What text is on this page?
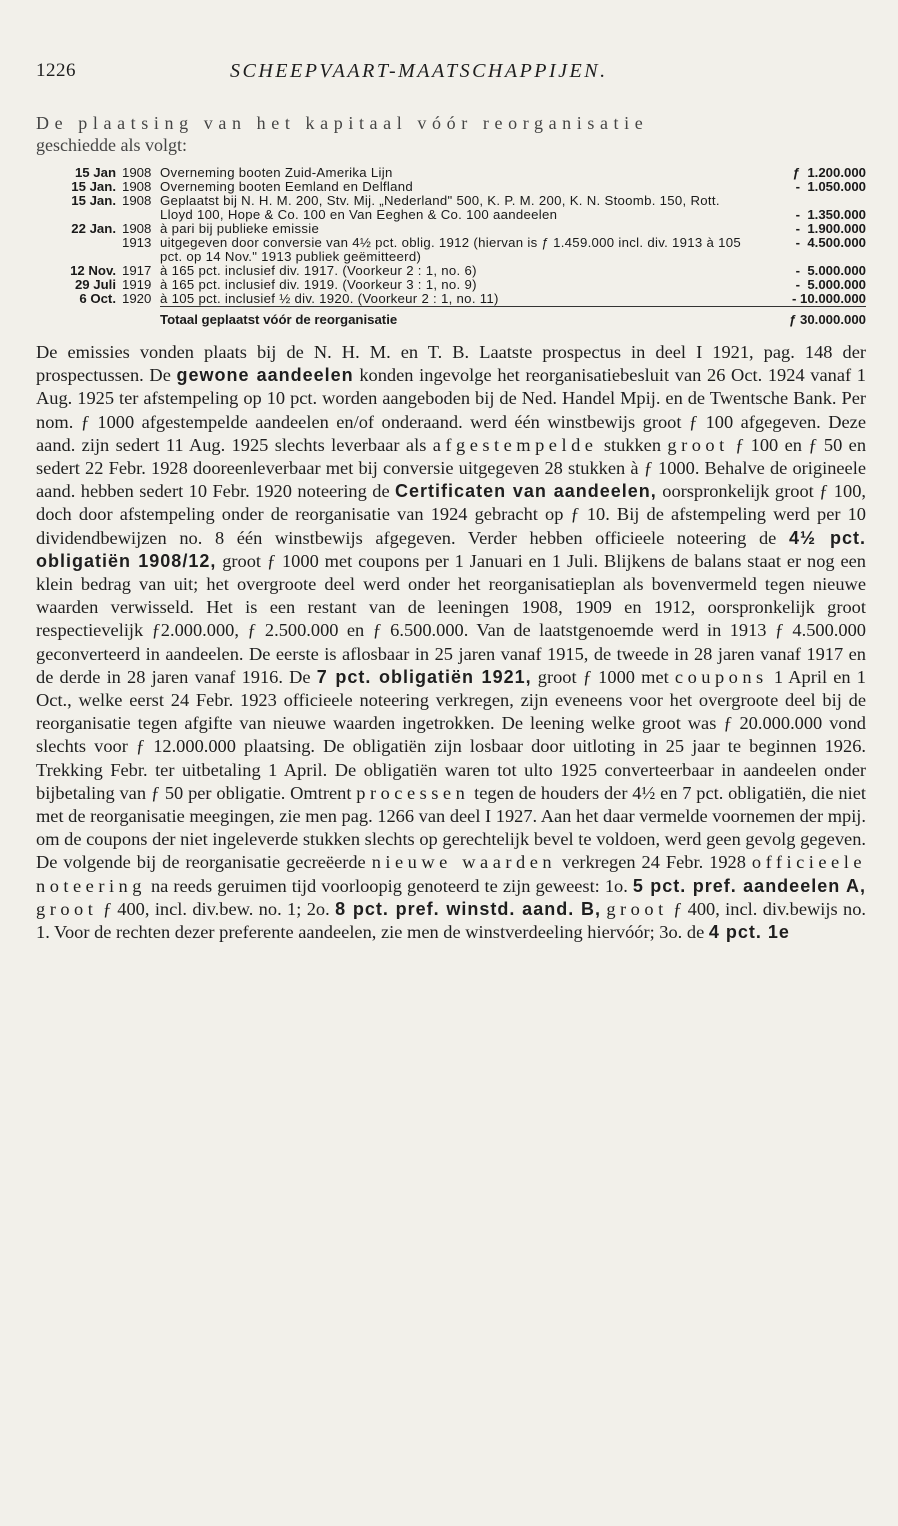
1226	SCHEEPVAART-MAATSCHAPPIJEN.
De plaatsing van het kapitaal vóór reorganisatie
geschiedde als volgt:
15 Jan	1908	Overneming booten Zuid-Amerika Lijn	ƒ  1.200.000
15 Jan.	1908	Overneming booten Eemland en Delfland	-  1.050.000
15 Jan.	1908	Geplaatst bij N. H. M. 200, Stv. Mij. „Nederland" 500, K. P. M. 200, K. N. Stoomb. 150, Rott. Lloyd 100, Hope & Co. 100 en Van Eeghen & Co. 100 aandeelen	-  1.350.000
22 Jan.	1908	à pari bij publieke emissie	-  1.900.000
	1913	uitgegeven door conversie van 4½ pct. oblig. 1912 (hiervan is ƒ 1.459.000 incl. div. 1913 à 105 pct. op 14 Nov." 1913 publiek geëmitteerd)	-  4.500.000
12 Nov.	1917	à 165 pct. inclusief div. 1917. (Voorkeur 2 : 1, no. 6)	-  5.000.000
29 Juli	1919	à 165 pct. inclusief div. 1919. (Voorkeur 3 : 1, no. 9)	-  5.000.000
6 Oct.	1920	à 105 pct. inclusief ½ div. 1920. (Voorkeur 2 : 1, no. 11)	- 10.000.000
		Totaal geplaatst vóór de reorganisatie	ƒ 30.000.000

De emissies vonden plaats bij de N. H. M. en T. B. Laatste prospectus in deel I 1921, pag. 148 der prospectussen. De gewone aandeelen konden ingevolge het reorganisatiebesluit van 26 Oct. 1924 vanaf 1 Aug. 1925 ter afstempeling op 10 pct. worden aangeboden bij de Ned. Handel Mpij. en de Twentsche Bank. Per nom. ƒ 1000 afgestempelde aandeelen en/of onderaand. werd één winstbewijs groot ƒ 100 afgegeven. Deze aand. zijn sedert 11 Aug. 1925 slechts leverbaar als afgestempelde stukken groot ƒ 100 en ƒ 50 en sedert 22 Febr. 1928 dooreenleverbaar met bij conversie uitgegeven 28 stukken à ƒ 1000. Behalve de origineele aand. hebben sedert 10 Febr. 1920 noteering de Certificaten van aandeelen, oorspronkelijk groot ƒ 100, doch door afstempeling onder de reorganisatie van 1924 gebracht op ƒ 10. Bij de afstempeling werd per 10 dividendbewijzen no. 8 één winstbewijs afgegeven. Verder hebben officieele noteering de 4½ pct. obligatiën 1908/12, groot ƒ 1000 met coupons per 1 Januari en 1 Juli. Blijkens de balans staat er nog een klein bedrag van uit; het overgroote deel werd onder het reorganisatieplan als bovenvermeld tegen nieuwe waarden verwisseld. Het is een restant van de leeningen 1908, 1909 en 1912, oorspronkelijk groot respectievelijk ƒ2.000.000, ƒ 2.500.000 en ƒ 6.500.000. Van de laatstgenoemde werd in 1913 ƒ 4.500.000 geconverteerd in aandeelen. De eerste is aflosbaar in 25 jaren vanaf 1915, de tweede in 28 jaren vanaf 1917 en de derde in 28 jaren vanaf 1916. De 7 pct. obligatiën 1921, groot ƒ 1000 met coupons 1 April en 1 Oct., welke eerst 24 Febr. 1923 officieele noteering verkregen, zijn eveneens voor het overgroote deel bij de reorganisatie tegen afgifte van nieuwe waarden ingetrokken. De leening welke groot was ƒ 20.000.000 vond slechts voor ƒ 12.000.000 plaatsing. De obligatiën zijn losbaar door uitloting in 25 jaar te beginnen 1926. Trekking Febr. ter uitbetaling 1 April. De obligatiën waren tot ulto 1925 converteerbaar in aandeelen onder bijbetaling van ƒ 50 per obligatie. Omtrent processen tegen de houders der 4½ en 7 pct. obligatiën, die niet met de reorganisatie meegingen, zie men pag. 1266 van deel I 1927. Aan het daar vermelde voornemen der mpij. om de coupons der niet ingeleverde stukken slechts op gerechtelijk bevel te voldoen, werd geen gevolg gegeven. De volgende bij de reorganisatie gecreëerde nieuwe waarden verkregen 24 Febr. 1928 officieele noteering na reeds geruimen tijd voorloopig genoteerd te zijn geweest: 1o. 5 pct. pref. aandeelen A, groot ƒ 400, incl. div.bew. no. 1; 2o. 8 pct. pref. winstd. aand. B, groot ƒ 400, incl. div.bewijs no. 1. Voor de rechten dezer preferente aandeelen, zie men de winstverdeeling hiervóór; 3o. de 4 pct. 1e
